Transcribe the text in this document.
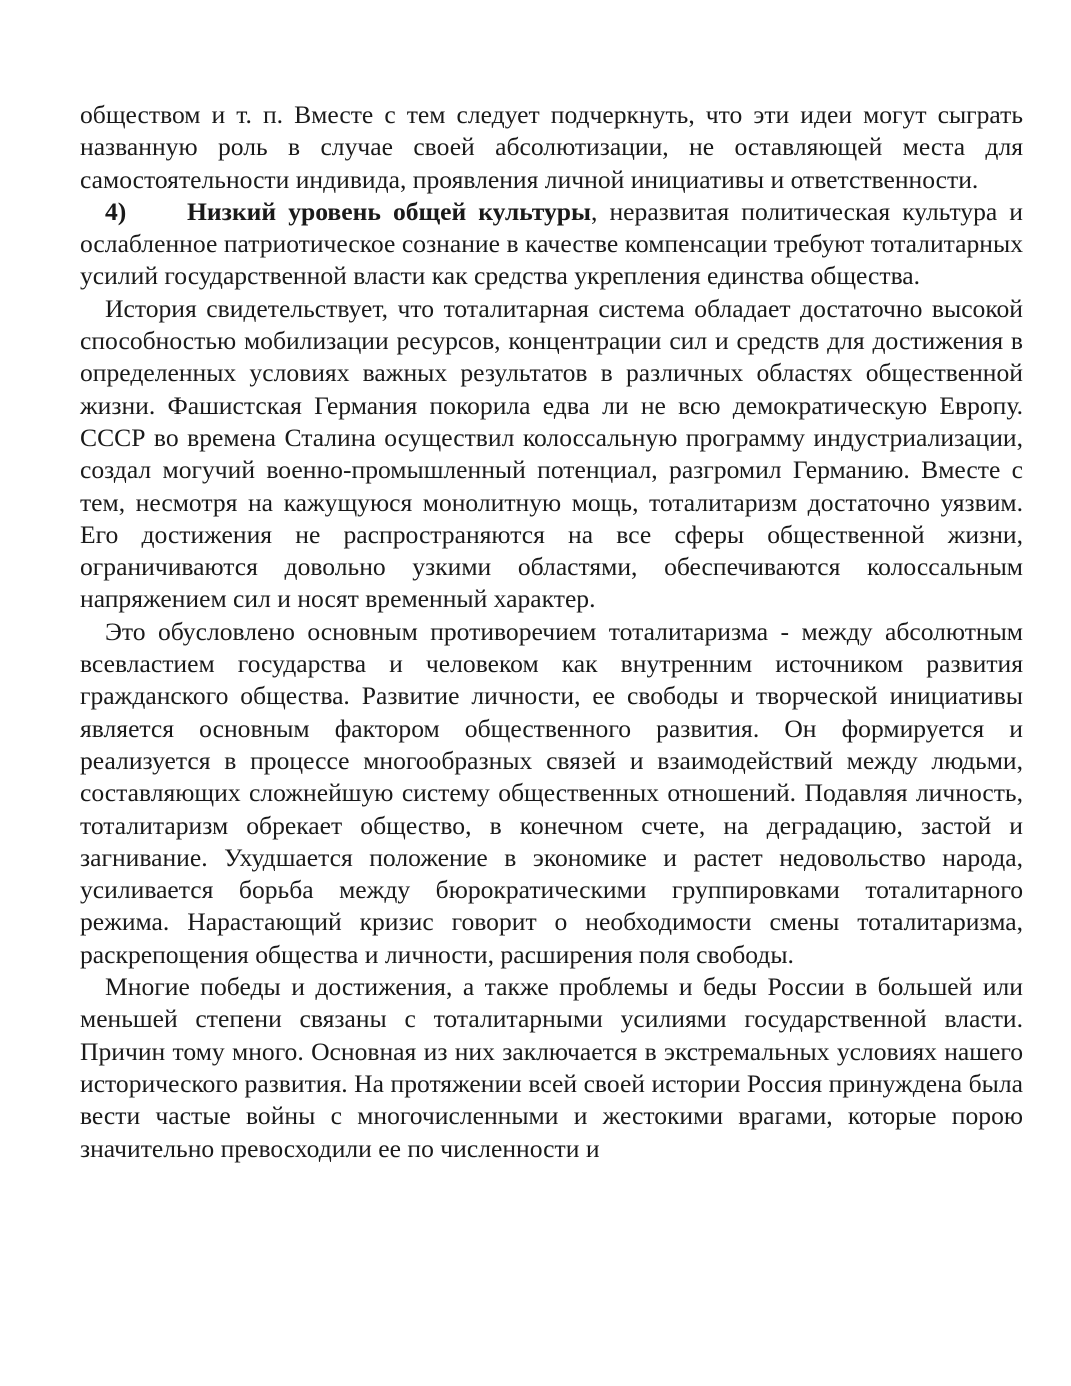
обществом и т. п. Вместе с тем следует подчеркнуть, что эти идеи могут сыграть названную роль в случае своей абсолютизации, не оставляющей места для самостоятельности индивида, проявления личной инициативы и ответственности.

4) Низкий уровень общей культуры, неразвитая политическая культура и ослабленное патриотическое сознание в качестве компенсации требуют тоталитарных усилий государственной власти как средства укрепления единства общества.

История свидетельствует, что тоталитарная система обладает достаточно высокой способностью мобилизации ресурсов, концентрации сил и средств для достижения в определенных условиях важных результатов в различных областях общественной жизни. Фашистская Германия покорила едва ли не всю демократическую Европу. СССР во времена Сталина осуществил колоссальную программу индустриализации, создал могучий военно-промышленный потенциал, разгромил Германию. Вместе с тем, несмотря на кажущуюся монолитную мощь, тоталитаризм достаточно уязвим. Его достижения не распространяются на все сферы общественной жизни, ограничиваются довольно узкими областями, обеспечиваются колоссальным напряжением сил и носят временный характер.

Это обусловлено основным противоречием тоталитаризма - между абсолютным всевластием государства и человеком как внутренним источником развития гражданского общества. Развитие личности, ее свободы и творческой инициативы является основным фактором общественного развития. Он формируется и реализуется в процессе многообразных связей и взаимодействий между людьми, составляющих сложнейшую систему общественных отношений. Подавляя личность, тоталитаризм обрекает общество, в конечном счете, на деградацию, застой и загнивание. Ухудшается положение в экономике и растет недовольство народа, усиливается борьба между бюрократическими группировками тоталитарного режима. Нарастающий кризис говорит о необходимости смены тоталитаризма, раскрепощения общества и личности, расширения поля свободы.

Многие победы и достижения, а также проблемы и беды России в большей или меньшей степени связаны с тоталитарными усилиями государственной власти. Причин тому много. Основная из них заключается в экстремальных условиях нашего исторического развития. На протяжении всей своей истории Россия принуждена была вести частые войны с многочисленными и жестокими врагами, которые порою значительно превосходили ее по численности и
